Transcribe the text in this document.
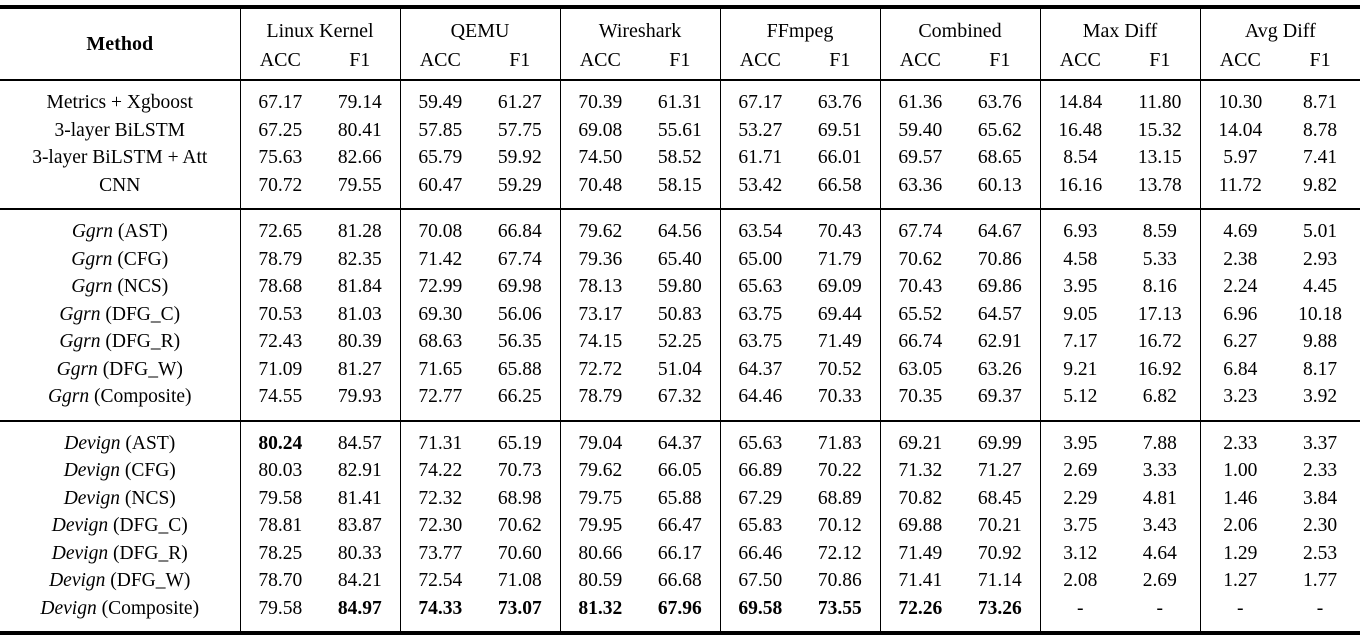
Method	Linux Kernel		QEMU		Wireshark		FFmpeg		Combined		Max Diff		Avg Diff	
	ACC	F1	ACC	F1	ACC	F1	ACC	F1	ACC	F1	ACC	F1	ACC	F1
Metrics + Xgboost	67.17	79.14	59.49	61.27	70.39	61.31	67.17	63.76	61.36	63.76	14.84	11.80	10.30	8.71
3-layer BiLSTM	67.25	80.41	57.85	57.75	69.08	55.61	53.27	69.51	59.40	65.62	16.48	15.32	14.04	8.78
3-layer BiLSTM + Att	75.63	82.66	65.79	59.92	74.50	58.52	61.71	66.01	69.57	68.65	8.54	13.15	5.97	7.41
CNN	70.72	79.55	60.47	59.29	70.48	58.15	53.42	66.58	63.36	60.13	16.16	13.78	11.72	9.82
Ggrn (AST)	72.65	81.28	70.08	66.84	79.62	64.56	63.54	70.43	67.74	64.67	6.93	8.59	4.69	5.01
Ggrn (CFG)	78.79	82.35	71.42	67.74	79.36	65.40	65.00	71.79	70.62	70.86	4.58	5.33	2.38	2.93
Ggrn (NCS)	78.68	81.84	72.99	69.98	78.13	59.80	65.63	69.09	70.43	69.86	3.95	8.16	2.24	4.45
Ggrn (DFG_C)	70.53	81.03	69.30	56.06	73.17	50.83	63.75	69.44	65.52	64.57	9.05	17.13	6.96	10.18
Ggrn (DFG_R)	72.43	80.39	68.63	56.35	74.15	52.25	63.75	71.49	66.74	62.91	7.17	16.72	6.27	9.88
Ggrn (DFG_W)	71.09	81.27	71.65	65.88	72.72	51.04	64.37	70.52	63.05	63.26	9.21	16.92	6.84	8.17
Ggrn (Composite)	74.55	79.93	72.77	66.25	78.79	67.32	64.46	70.33	70.35	69.37	5.12	6.82	3.23	3.92
Devign (AST)	80.24	84.57	71.31	65.19	79.04	64.37	65.63	71.83	69.21	69.99	3.95	7.88	2.33	3.37
Devign (CFG)	80.03	82.91	74.22	70.73	79.62	66.05	66.89	70.22	71.32	71.27	2.69	3.33	1.00	2.33
Devign (NCS)	79.58	81.41	72.32	68.98	79.75	65.88	67.29	68.89	70.82	68.45	2.29	4.81	1.46	3.84
Devign (DFG_C)	78.81	83.87	72.30	70.62	79.95	66.47	65.83	70.12	69.88	70.21	3.75	3.43	2.06	2.30
Devign (DFG_R)	78.25	80.33	73.77	70.60	80.66	66.17	66.46	72.12	71.49	70.92	3.12	4.64	1.29	2.53
Devign (DFG_W)	78.70	84.21	72.54	71.08	80.59	66.68	67.50	70.86	71.41	71.14	2.08	2.69	1.27	1.77
Devign (Composite)	79.58	84.97	74.33	73.07	81.32	67.96	69.58	73.55	72.26	73.26	-	-	-	-
